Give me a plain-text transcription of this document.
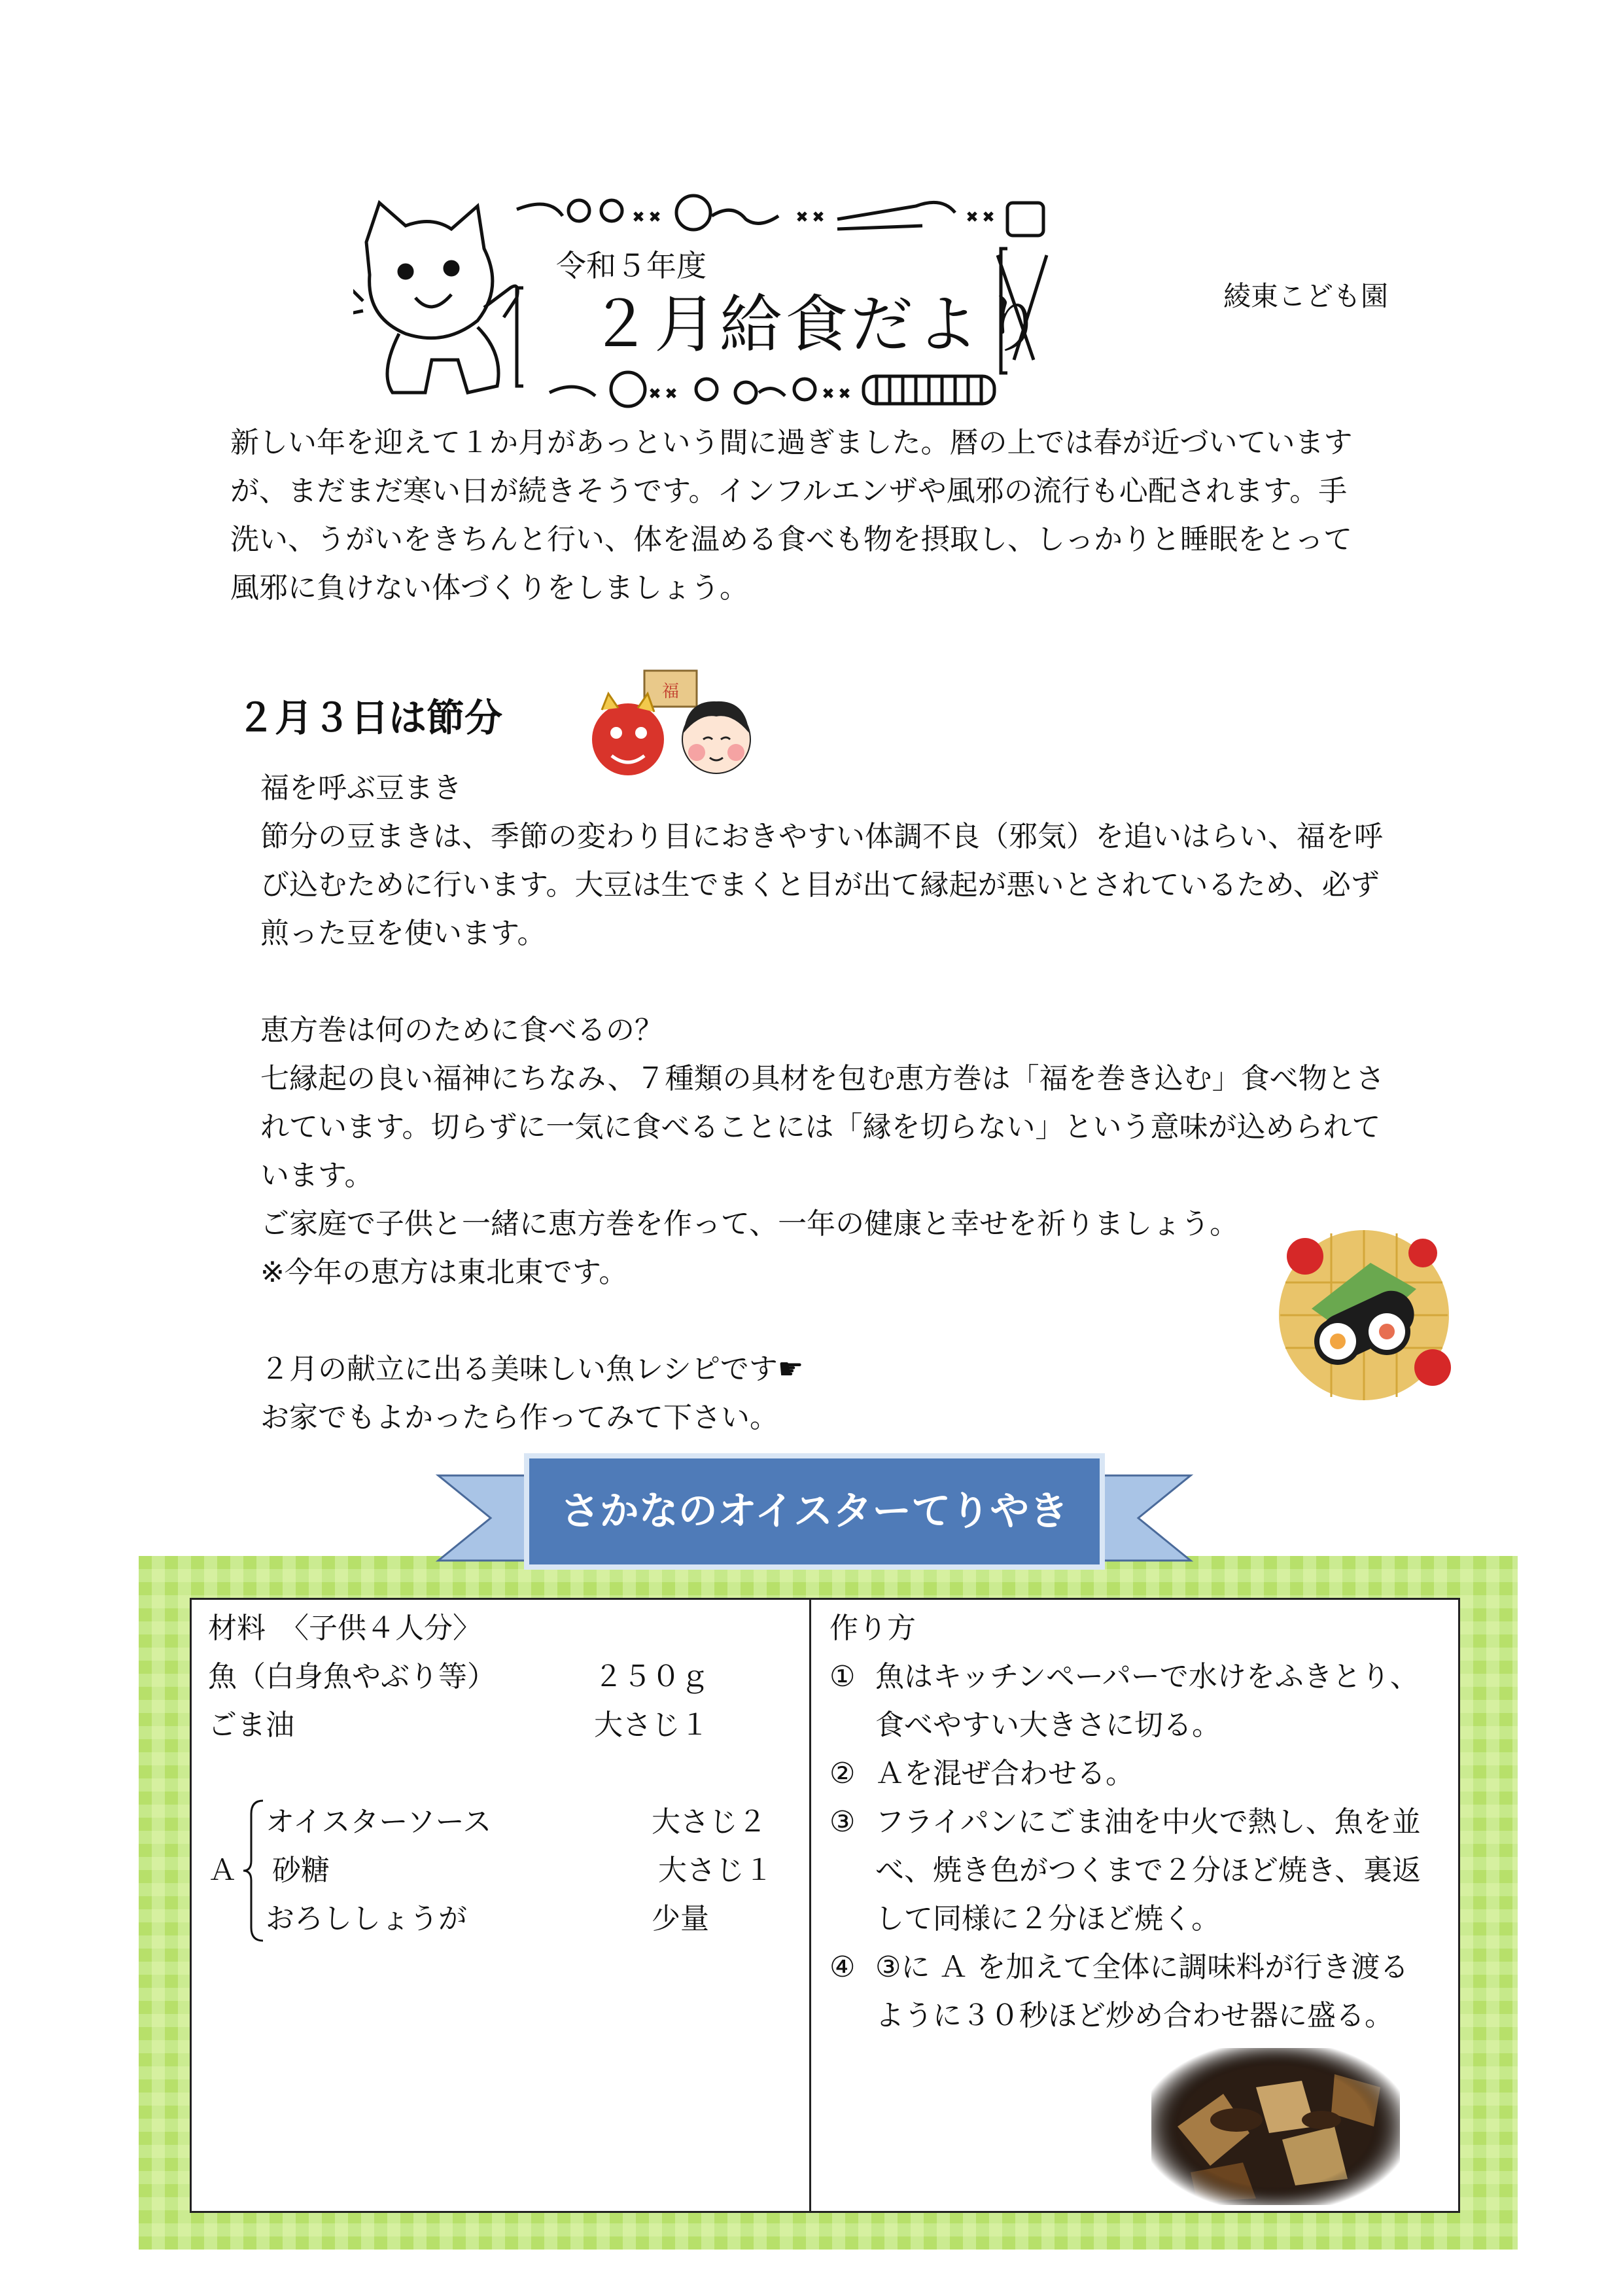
令和５年度
２月給食だより	綾東こども園
新しい年を迎えて１か月があっという間に過ぎました。暦の上では春が近づいています
が、まだまだ寒い日が続きそうです。インフルエンザや風邪の流行も心配されます。手
洗い、うがいをきちんと行い、体を温める食べも物を摂取し、しっかりと睡眠をとって
風邪に負けない体づくりをしましょう。
２月３日は節分
福
福を呼ぶ豆まき
節分の豆まきは、季節の変わり目におきやすい体調不良（邪気）を追いはらい、福を呼
び込むために行います。大豆は生でまくと目が出て縁起が悪いとされているため、必ず
煎った豆を使います。
恵方巻は何のために食べるの？
七縁起の良い福神にちなみ、７種類の具材を包む恵方巻は「福を巻き込む」食べ物とさ
れています。切らずに一気に食べることには「縁を切らない」という意味が込められて
います。
ご家庭で子供と一緒に恵方巻を作って、一年の健康と幸せを祈りましょう。
※今年の恵方は東北東です。
２月の献立に出る美味しい魚レシピです☛
お家でもよかったら作ってみて下さい。
さかなのオイスターてりやき
材料　〈子供４人分〉
魚（白身魚やぶり等）	２５０ｇ
ごま油	大さじ１
Ａ
オイスターソース	大さじ２
砂糖	大さじ１
おろししょうが	少量
作り方
① 魚はキッチンペーパーで水けをふきとり、
食べやすい大きさに切る。
② Ａを混ぜ合わせる。
③ フライパンにごま油を中火で熱し、魚を並
べ、焼き色がつくまで２分ほど焼き、裏返
して同様に２分ほど焼く。
④ ③に Ａ を加えて全体に調味料が行き渡る
ように３０秒ほど炒め合わせ器に盛る。
